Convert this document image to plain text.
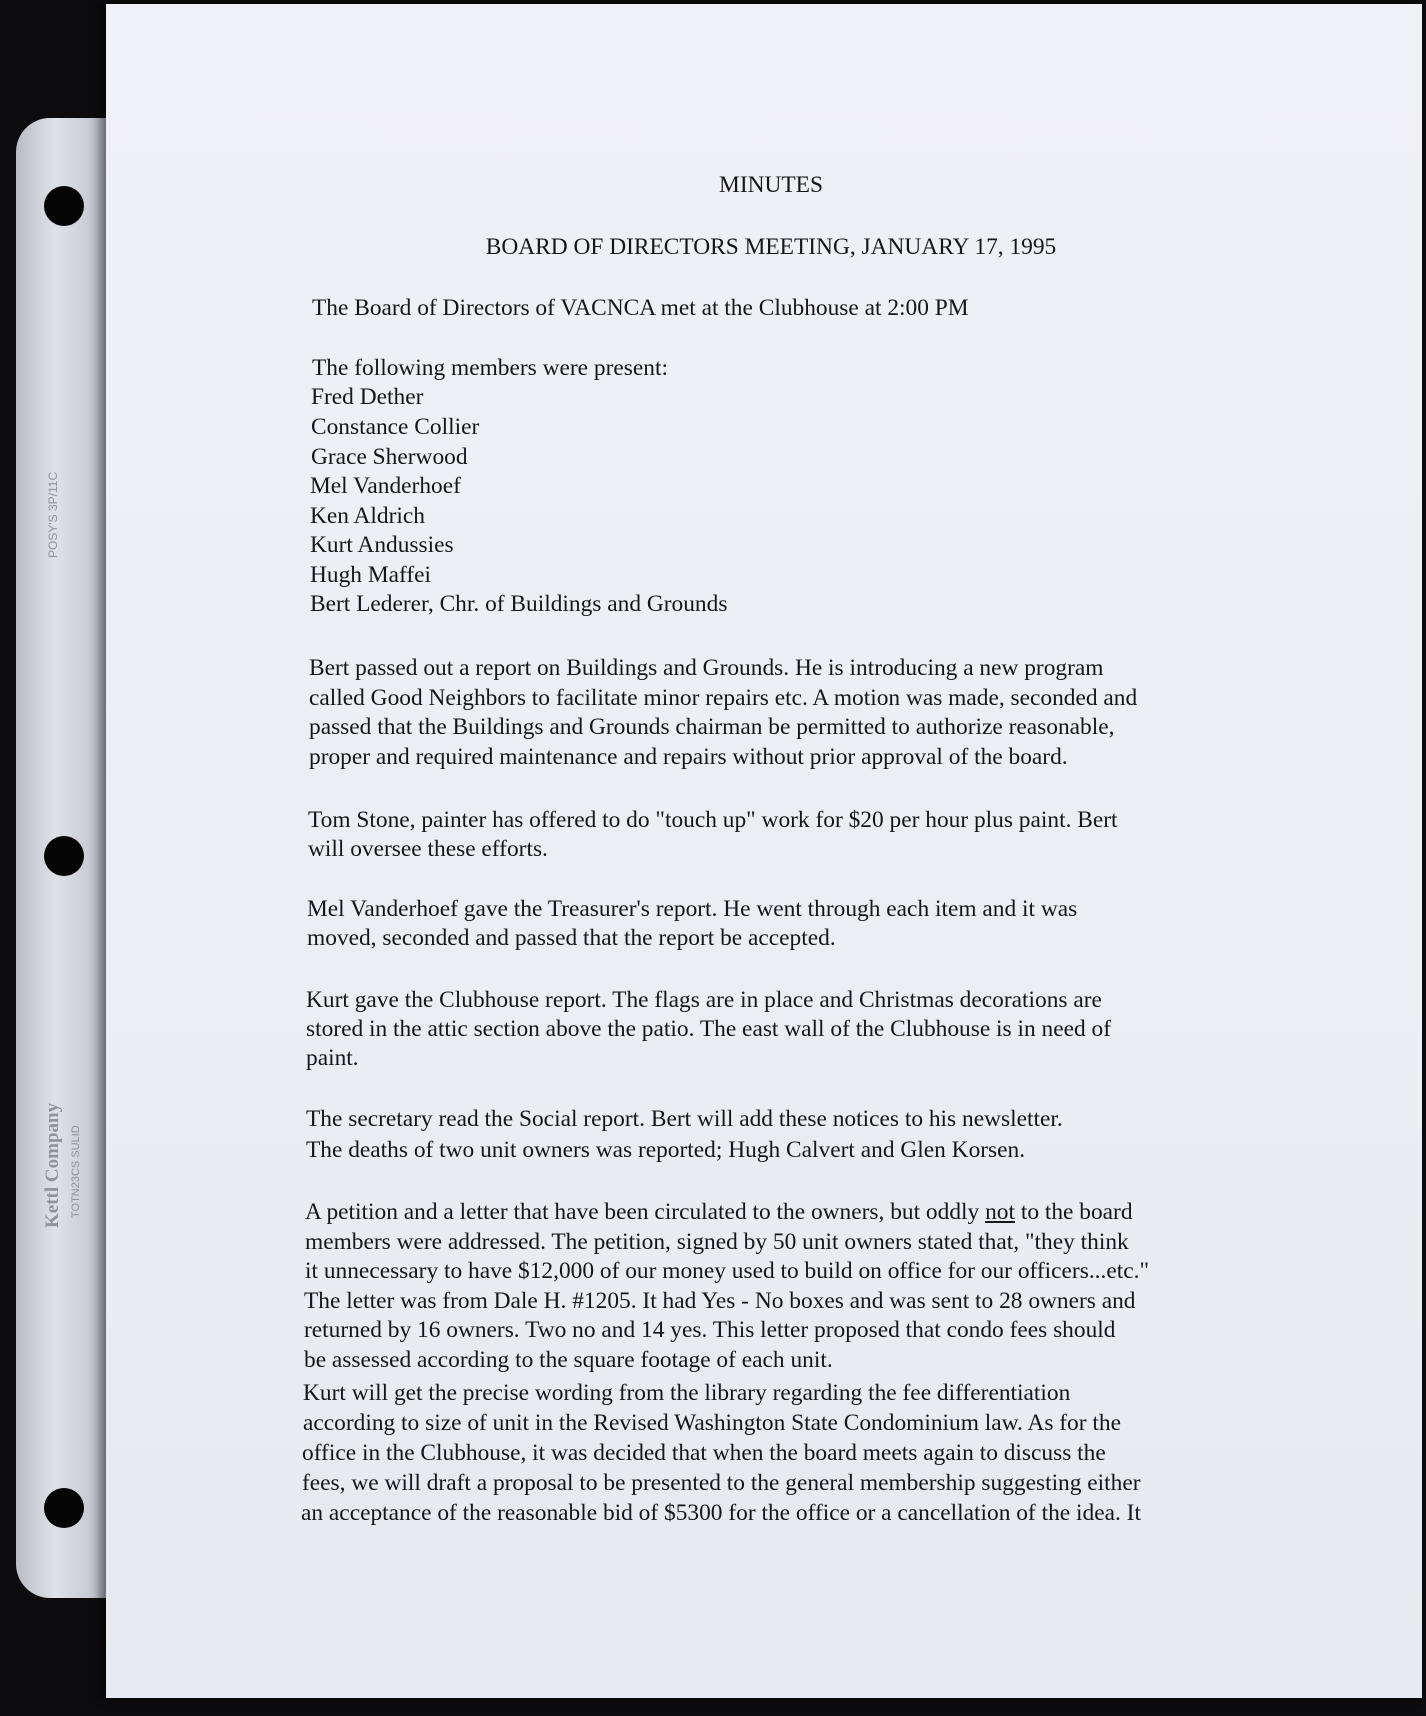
POSY'S 3P/11C
Kettl Company TOTN23CS SULID
MINUTES
BOARD OF DIRECTORS MEETING, JANUARY 17, 1995

The Board of Directors of VACNCA met at the Clubhouse at 2:00 PM

The following members were present:

Fred Dether

Constance Collier

Grace Sherwood

Mel Vanderhoef

Ken Aldrich

Kurt Andussies

Hugh Maffei

Bert Lederer, Chr. of Buildings and Grounds

Bert passed out a report on Buildings and Grounds. He is introducing a new program

called Good Neighbors to facilitate minor repairs etc. A motion was made, seconded and

passed that the Buildings and Grounds chairman be permitted to authorize reasonable,

proper and required maintenance and repairs without prior approval of the board.

Tom Stone, painter has offered to do "touch up" work for $20 per hour plus paint. Bert

will oversee these efforts.

Mel Vanderhoef gave the Treasurer's report. He went through each item and it was

moved, seconded and passed that the report be accepted.

Kurt gave the Clubhouse report. The flags are in place and Christmas decorations are

stored in the attic section above the patio. The east wall of the Clubhouse is in need of

paint.

The secretary read the Social report. Bert will add these notices to his newsletter.

The deaths of two unit owners was reported; Hugh Calvert and Glen Korsen.

A petition and a letter that have been circulated to the owners, but oddly not to the board

members were addressed. The petition, signed by 50 unit owners stated that, "they think

it unnecessary to have $12,000 of our money used to build on office for our officers...etc."

The letter was from Dale H. #1205. It had Yes - No boxes and was sent to 28 owners and

returned by 16 owners. Two no and 14 yes. This letter proposed that condo fees should

be assessed according to the square footage of each unit.

Kurt will get the precise wording from the library regarding the fee differentiation

according to size of unit in the Revised Washington State Condominium law. As for the

office in the Clubhouse, it was decided that when the board meets again to discuss the

fees, we will draft a proposal to be presented to the general membership suggesting either

an acceptance of the reasonable bid of $5300 for the office or a cancellation of the idea. It
